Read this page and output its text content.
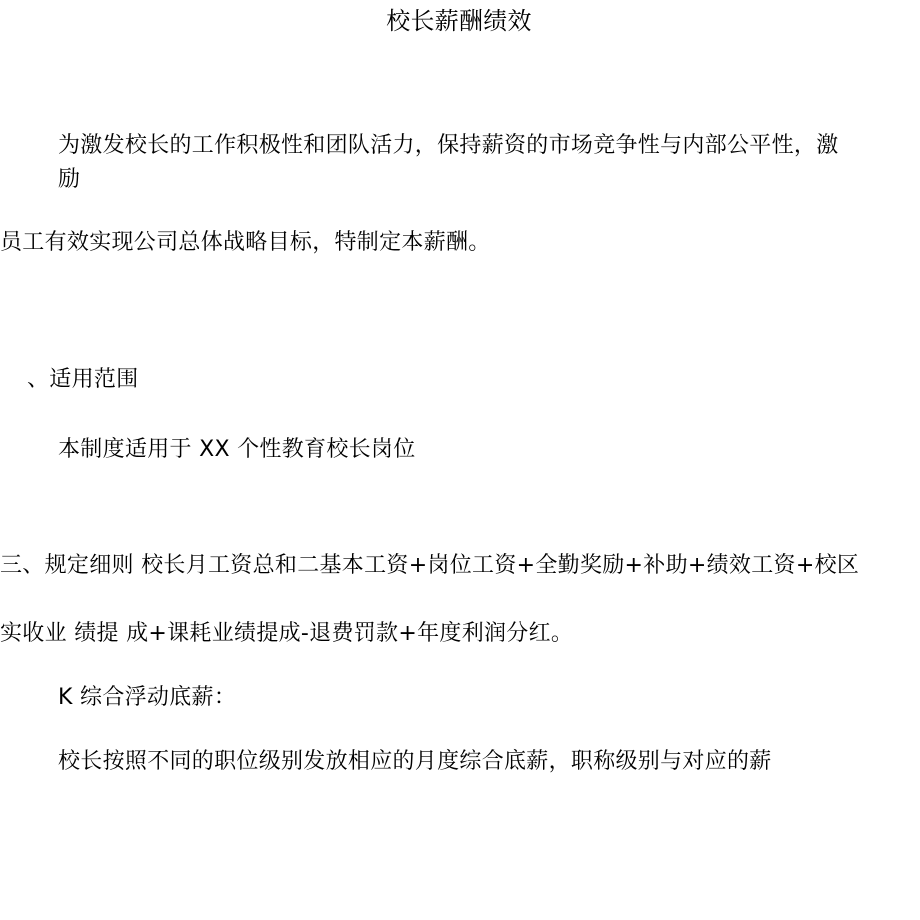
校长薪酬绩效
为激发校长的工作积极性和团队活力，保持薪资的市场竞争性与内部公平性，激
励
员工有效实现公司总体战略目标，特制定本薪酬。
、适用范围
本制度适用于 XX 个性教育校长岗位
三、规定细则 校长月工资总和二基本工资+岗位工资+全勤奖励+补助+绩效工资+校区
实收业 绩提 成+课耗业绩提成-退费罚款+年度利润分红。
K 综合浮动底薪：
校长按照不同的职位级别发放相应的月度综合底薪，职称级别与对应的薪
